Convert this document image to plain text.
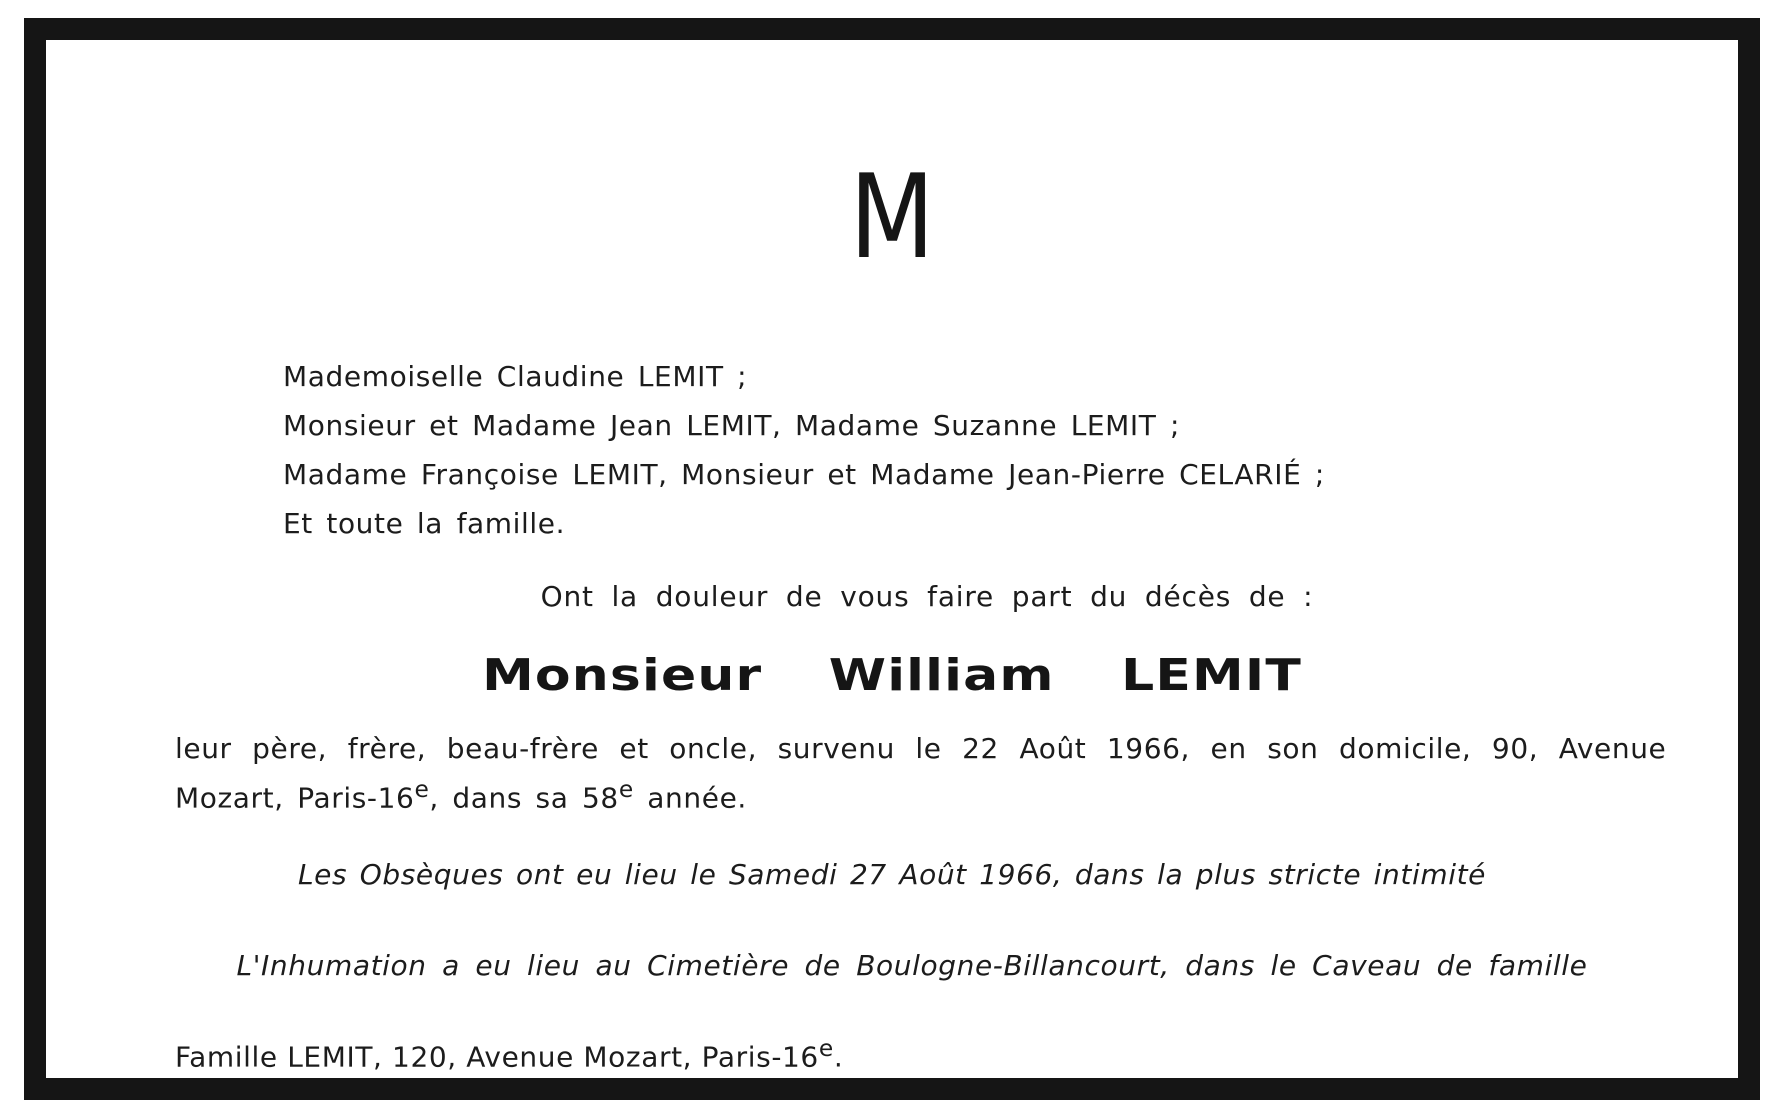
M
Mademoiselle Claudine LEMIT ;
Monsieur et Madame Jean LEMIT, Madame Suzanne LEMIT ;
Madame Françoise LEMIT, Monsieur et Madame Jean-Pierre CELARIÉ ;
Et toute la famille.
Ont la douleur de vous faire part du décès de :
Monsieur William LEMIT
leur père, frère, beau-frère et oncle, survenu le 22 Août 1966, en son domicile, 90, Avenue
Mozart, Paris-16e, dans sa 58e année.
Les Obsèques ont eu lieu le Samedi 27 Août 1966, dans la plus stricte intimité
L'Inhumation a eu lieu au Cimetière de Boulogne-Billancourt, dans le Caveau de famille
Famille LEMIT, 120, Avenue Mozart, Paris-16e.
